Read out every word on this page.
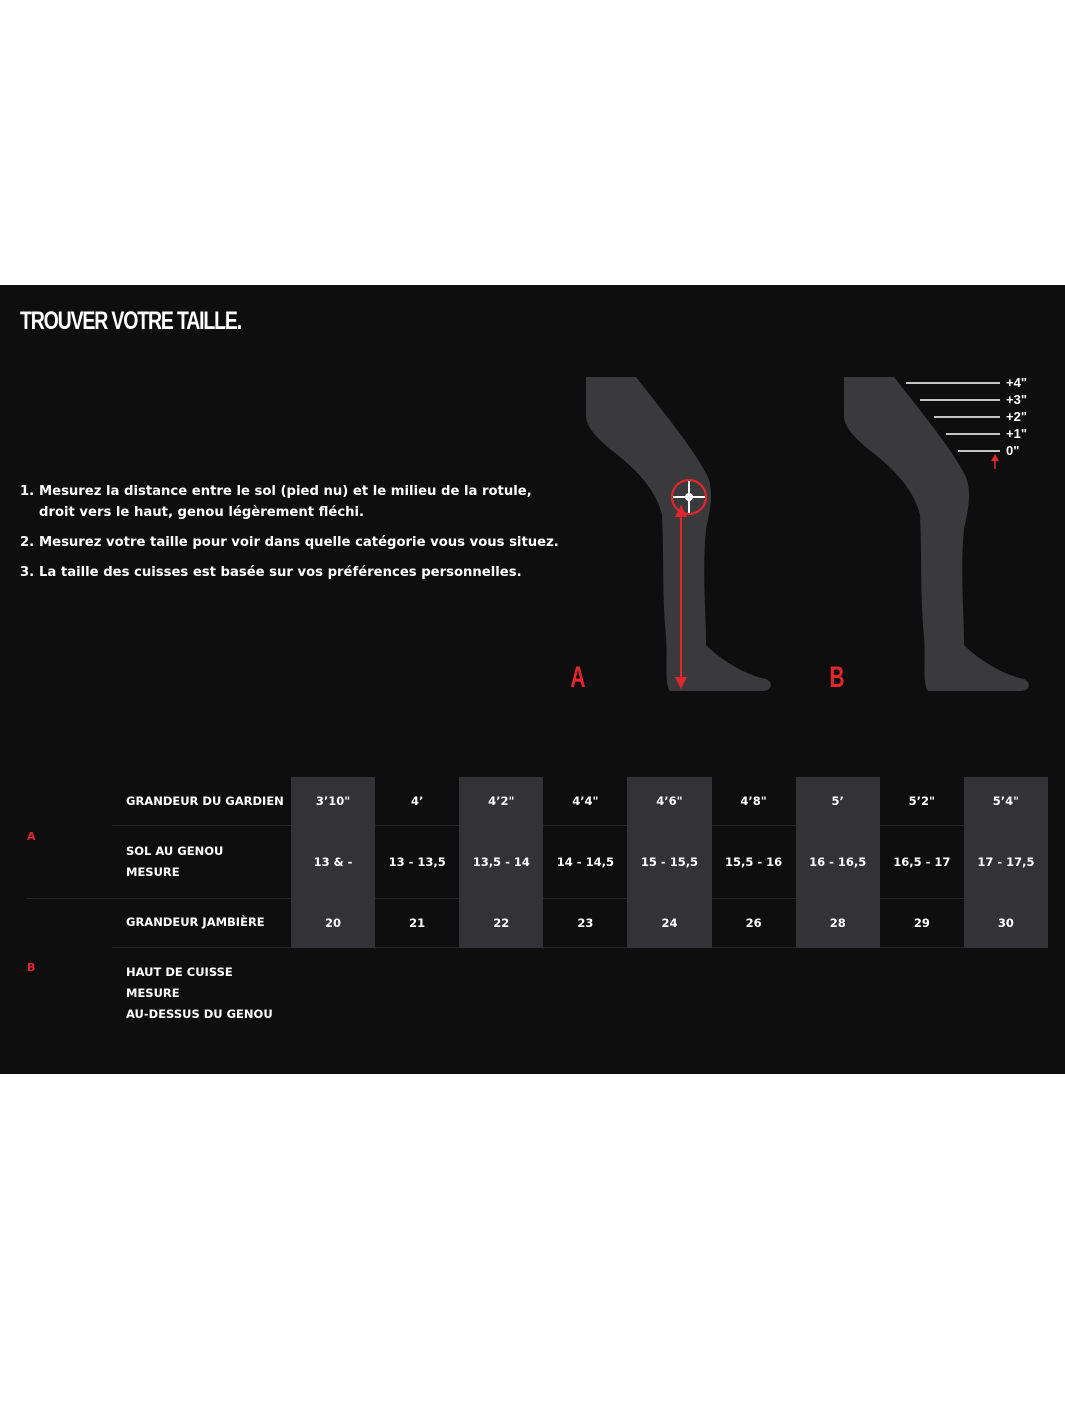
TROUVER VOTRE TAILLE.
1. Mesurez la distance entre le sol (pied nu) et le milieu de la rotule, droit vers le haut, genou légèrement fléchi.
2. Mesurez votre taille pour voir dans quelle catégorie vous vous situez.
3. La taille des cuisses est basée sur vos préférences personnelles.
A	B
+4"
+3"
+2"
+1"
0"
	GRANDEUR DU GARDIEN	3’10"	4’	4’2"	4’4"	4’6"	4’8"	5’	5’2"	5’4"
A	SOL AU GENOU
MESURE	13 & -	13 - 13,5	13,5 - 14	14 - 14,5	15 - 15,5	15,5 - 16	16 - 16,5	16,5 - 17	17 - 17,5
	GRANDEUR JAMBIÈRE	20	21	22	23	24	26	28	29	30
B	HAUT DE CUISSE
MESURE
AU-DESSUS DU GENOU									
